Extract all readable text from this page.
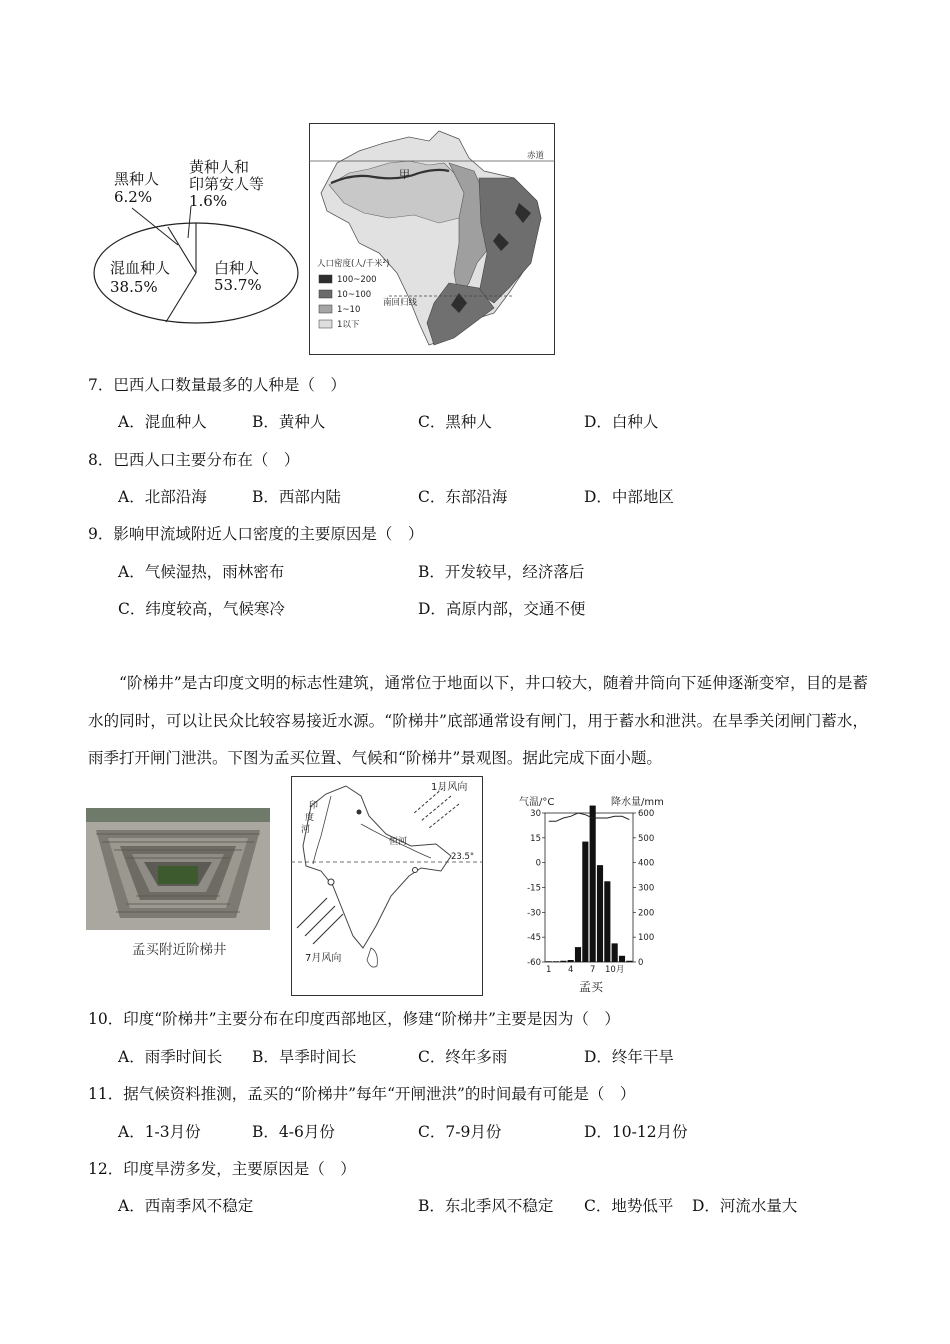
黑种人
6.2%
黄种人和
印第安人等
1.6%
混血种人
38.5%
白种人
53.7%
赤道
甲
南回归线
人口密度(人/千米²)
100~200
10~100
1~10
1以下
7．巴西人口数量最多的人种是（　）
A．混血种人	B．黄种人	C．黑种人	D．白种人
8．巴西人口主要分布在（　）
A．北部沿海	B．西部内陆	C．东部沿海	D．中部地区
9．影响甲流域附近人口密度的主要原因是（　）
A．气候湿热，雨林密布	B．开发较早，经济落后
C．纬度较高，气候寒冷	D．高原内部，交通不便
“阶梯井”是古印度文明的标志性建筑，通常位于地面以下，井口较大，随着井筒向下延伸逐渐变窄，目的是蓄水的同时，可以让民众比较容易接近水源。“阶梯井”底部通常设有闸门，用于蓄水和泄洪。在旱季关闭闸门蓄水，雨季打开闸门泄洪。下图为孟买位置、气候和“阶梯井”景观图。据此完成下面小题。
孟买附近阶梯井
23.5°
1月风向
7月风向
印
度
河
恒河
气温/°C	降水量/mm
30
15
0
-15
-30
-45
-60
600
500
400
300
200
100
0
1 4 7 10月
孟买
10．印度“阶梯井”主要分布在印度西部地区，修建“阶梯井”主要是因为（　）
A．雨季时间长 B．旱季时间长	C．终年多雨	D．终年干旱
11．据气候资料推测，孟买的“阶梯井”每年“开闸泄洪”的时间最有可能是（　）
A．1-3月份	B．4-6月份	C．7-9月份	D．10-12月份
12．印度旱涝多发，主要原因是（　）
A．西南季风不稳定	B．东北季风不稳定 C．地势低平 D．河流水量大
